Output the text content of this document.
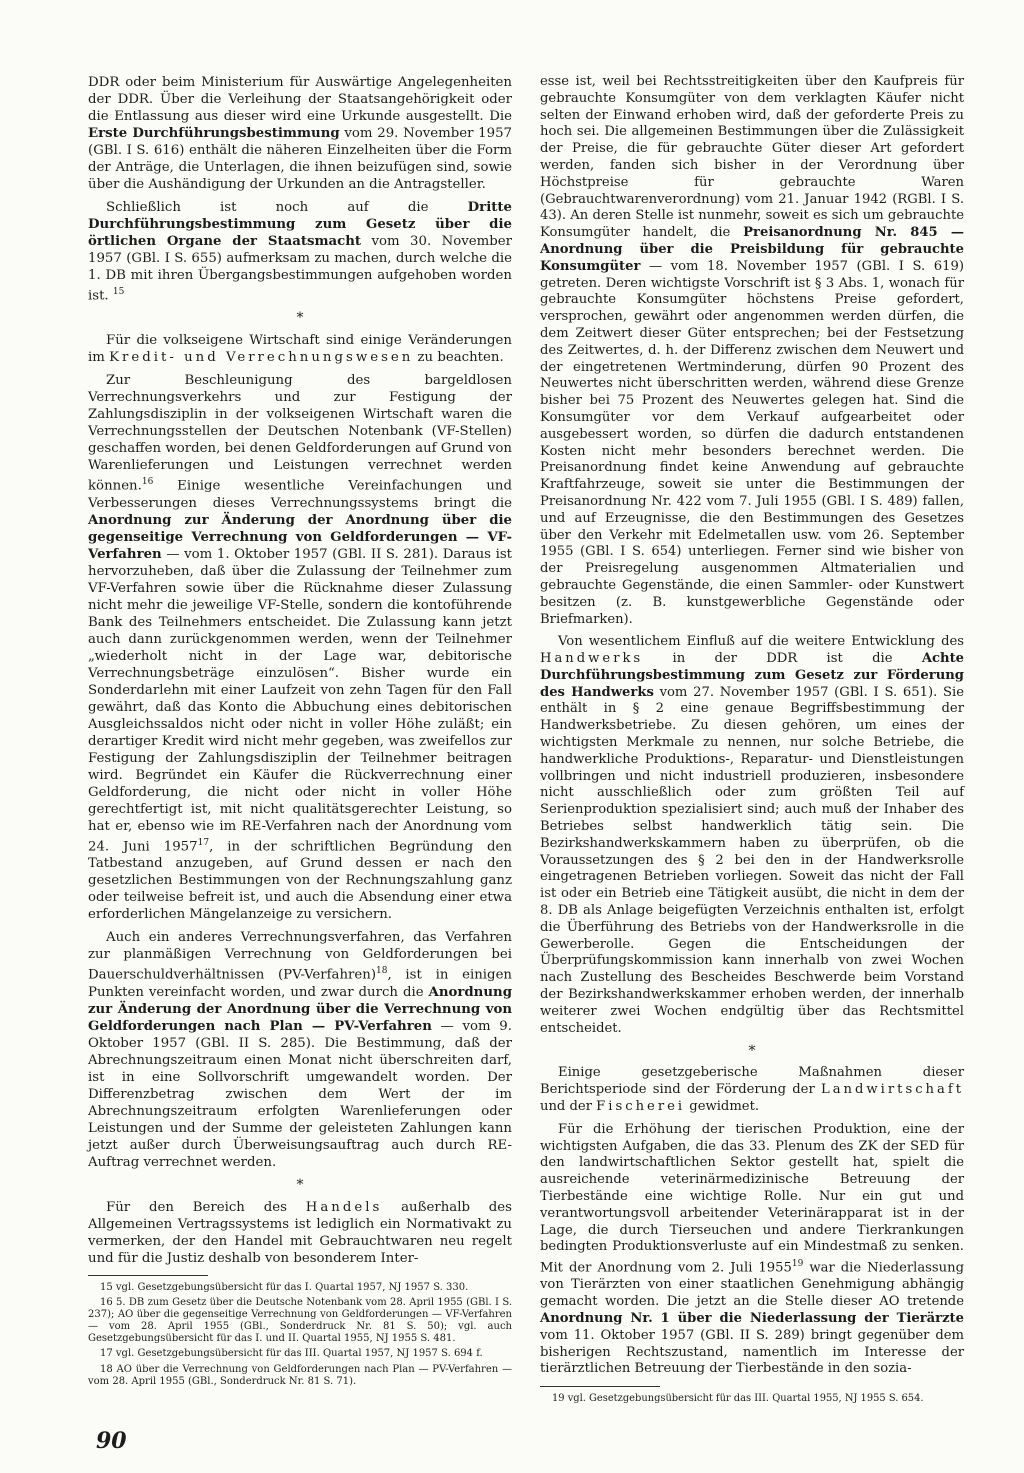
DDR oder beim Ministerium für Auswärtige Angelegenheiten der DDR. Über die Verleihung der Staatsangehörigkeit oder die Entlassung aus dieser wird eine Urkunde ausgestellt. Die Erste Durchführungsbestimmung vom 29. November 1957 (GBl. I S. 616) enthält die näheren Einzelheiten über die Form der Anträge, die Unterlagen, die ihnen beizufügen sind, sowie über die Aushändigung der Urkunden an die Antragsteller.

Schließlich ist noch auf die Dritte Durchführungsbestimmung zum Gesetz über die örtlichen Organe der Staatsmacht vom 30. November 1957 (GBl. I S. 655) aufmerksam zu machen, durch welche die 1. DB mit ihren Übergangsbestimmungen aufgehoben worden ist. $^{15}$

*

Für die volkseigene Wirtschaft sind einige Veränderungen im Kredit- und Verrechnungswesen zu beachten.

Zur Beschleunigung des bargeldlosen Verrechnungsverkehrs und zur Festigung der Zahlungsdisziplin in der volkseigenen Wirtschaft waren die Verrechnungsstellen der Deutschen Notenbank (VF-Stellen) geschaffen worden, bei denen Geldforderungen auf Grund von Warenlieferungen und Leistungen verrechnet werden können.$^{16}$ Einige wesentliche Vereinfachungen und Verbesserungen dieses Verrechnungssystems bringt die Anordnung zur Änderung der Anordnung über die gegenseitige Verrechnung von Geldforderungen — VF-Verfahren — vom 1. Oktober 1957 (GBl. II S. 281). Daraus ist hervorzuheben, daß über die Zulassung der Teilnehmer zum VF-Verfahren sowie über die Rücknahme dieser Zulassung nicht mehr die jeweilige VF-Stelle, sondern die kontoführende Bank des Teilnehmers entscheidet. Die Zulassung kann jetzt auch dann zurückgenommen werden, wenn der Teilnehmer „wiederholt nicht in der Lage war, debitorische Verrechnungsbeträge einzulösen“. Bisher wurde ein Sonderdarlehn mit einer Laufzeit von zehn Tagen für den Fall gewährt, daß das Konto die Abbuchung eines debitorischen Ausgleichssaldos nicht oder nicht in voller Höhe zuläßt; ein derartiger Kredit wird nicht mehr gegeben, was zweifellos zur Festigung der Zahlungsdisziplin der Teilnehmer beitragen wird. Begründet ein Käufer die Rückverrechnung einer Geldforderung, die nicht oder nicht in voller Höhe gerechtfertigt ist, mit nicht qualitätsgerechter Leistung, so hat er, ebenso wie im RE-Verfahren nach der Anordnung vom 24. Juni 1957$^{17}$, in der schriftlichen Begründung den Tatbestand anzugeben, auf Grund dessen er nach den gesetzlichen Bestimmungen von der Rechnungszahlung ganz oder teilweise befreit ist, und auch die Absendung einer etwa erforderlichen Mängelanzeige zu versichern.

Auch ein anderes Verrechnungsverfahren, das Verfahren zur planmäßigen Verrechnung von Geldforderungen bei Dauerschuldverhältnissen (PV-Verfahren)$^{18}$, ist in einigen Punkten vereinfacht worden, und zwar durch die Anordnung zur Änderung der Anordnung über die Verrechnung von Geldforderungen nach Plan — PV-Verfahren — vom 9. Oktober 1957 (GBl. II S. 285). Die Bestimmung, daß der Abrechnungszeitraum einen Monat nicht überschreiten darf, ist in eine Sollvorschrift umgewandelt worden. Der Differenzbetrag zwischen dem Wert der im Abrechnungszeitraum erfolgten Warenlieferungen oder Leistungen und der Summe der geleisteten Zahlungen kann jetzt außer durch Überweisungsauftrag auch durch RE-Auftrag verrechnet werden.

*

Für den Bereich des Handels außerhalb des Allgemeinen Vertragssystems ist lediglich ein Normativakt zu vermerken, der den Handel mit Gebrauchtwaren neu regelt und für die Justiz deshalb von besonderem Inter-

15 vgl. Gesetzgebungsübersicht für das I. Quartal 1957, NJ 1957 S. 330.

16 5. DB zum Gesetz über die Deutsche Notenbank vom 28. April 1955 (GBl. I S. 237); AO über die gegenseitige Verrechnung von Geldforderungen — VF-Verfahren — vom 28. April 1955 (GBl., Sonderdruck Nr. 81 S. 50); vgl. auch Gesetzgebungsübersicht für das I. und II. Quartal 1955, NJ 1955 S. 481.

17 vgl. Gesetzgebungsübersicht für das III. Quartal 1957, NJ 1957 S. 694 f.

18 AO über die Verrechnung von Geldforderungen nach Plan — PV-Verfahren — vom 28. April 1955 (GBl., Sonderdruck Nr. 81 S. 71).

esse ist, weil bei Rechtsstreitigkeiten über den Kaufpreis für gebrauchte Konsumgüter von dem verklagten Käufer nicht selten der Einwand erhoben wird, daß der geforderte Preis zu hoch sei. Die allgemeinen Bestimmungen über die Zulässigkeit der Preise, die für gebrauchte Güter dieser Art gefordert werden, fanden sich bisher in der Verordnung über Höchstpreise für gebrauchte Waren (Gebrauchtwarenverordnung) vom 21. Januar 1942 (RGBl. I S. 43). An deren Stelle ist nunmehr, soweit es sich um gebrauchte Konsumgüter handelt, die Preisanordnung Nr. 845 — Anordnung über die Preisbildung für gebrauchte Konsumgüter — vom 18. November 1957 (GBl. I S. 619) getreten. Deren wichtigste Vorschrift ist § 3 Abs. 1, wonach für gebrauchte Konsumgüter höchstens Preise gefordert, versprochen, gewährt oder angenommen werden dürfen, die dem Zeitwert dieser Güter entsprechen; bei der Festsetzung des Zeitwertes, d. h. der Differenz zwischen dem Neuwert und der eingetretenen Wertminderung, dürfen 90 Prozent des Neuwertes nicht überschritten werden, während diese Grenze bisher bei 75 Prozent des Neuwertes gelegen hat. Sind die Konsumgüter vor dem Verkauf aufgearbeitet oder ausgebessert worden, so dürfen die dadurch entstandenen Kosten nicht mehr besonders berechnet werden. Die Preisanordnung findet keine Anwendung auf gebrauchte Kraftfahrzeuge, soweit sie unter die Bestimmungen der Preisanordnung Nr. 422 vom 7. Juli 1955 (GBl. I S. 489) fallen, und auf Erzeugnisse, die den Bestimmungen des Gesetzes über den Verkehr mit Edelmetallen usw. vom 26. September 1955 (GBl. I S. 654) unterliegen. Ferner sind wie bisher von der Preisregelung ausgenommen Altmaterialien und gebrauchte Gegenstände, die einen Sammler- oder Kunstwert besitzen (z. B. kunstgewerbliche Gegenstände oder Briefmarken).

Von wesentlichem Einfluß auf die weitere Entwicklung des Handwerks in der DDR ist die Achte Durchführungsbestimmung zum Gesetz zur Förderung des Handwerks vom 27. November 1957 (GBl. I S. 651). Sie enthält in § 2 eine genaue Begriffsbestimmung der Handwerksbetriebe. Zu diesen gehören, um eines der wichtigsten Merkmale zu nennen, nur solche Betriebe, die handwerkliche Produktions-, Reparatur- und Dienstleistungen vollbringen und nicht industriell produzieren, insbesondere nicht ausschließlich oder zum größten Teil auf Serienproduktion spezialisiert sind; auch muß der Inhaber des Betriebes selbst handwerklich tätig sein. Die Bezirkshandwerkskammern haben zu überprüfen, ob die Voraussetzungen des § 2 bei den in der Handwerksrolle eingetragenen Betrieben vorliegen. Soweit das nicht der Fall ist oder ein Betrieb eine Tätigkeit ausübt, die nicht in dem der 8. DB als Anlage beigefügten Verzeichnis enthalten ist, erfolgt die Überführung des Betriebs von der Handwerksrolle in die Gewerberolle. Gegen die Entscheidungen der Überprüfungskommission kann innerhalb von zwei Wochen nach Zustellung des Bescheides Beschwerde beim Vorstand der Bezirkshandwerkskammer erhoben werden, der innerhalb weiterer zwei Wochen endgültig über das Rechtsmittel entscheidet.

*

Einige gesetzgeberische Maßnahmen dieser Berichtsperiode sind der Förderung der Landwirtschaft und der Fischerei gewidmet.

Für die Erhöhung der tierischen Produktion, eine der wichtigsten Aufgaben, die das 33. Plenum des ZK der SED für den landwirtschaftlichen Sektor gestellt hat, spielt die ausreichende veterinärmedizinische Betreuung der Tierbestände eine wichtige Rolle. Nur ein gut und verantwortungsvoll arbeitender Veterinärapparat ist in der Lage, die durch Tierseuchen und andere Tierkrankungen bedingten Produktionsverluste auf ein Mindestmaß zu senken. Mit der Anordnung vom 2. Juli 1955$^{19}$ war die Niederlassung von Tierärzten von einer staatlichen Genehmigung abhängig gemacht worden. Die jetzt an die Stelle dieser AO tretende Anordnung Nr. 1 über die Niederlassung der Tierärzte vom 11. Oktober 1957 (GBl. II S. 289) bringt gegenüber dem bisherigen Rechtszustand, namentlich im Interesse der tierärztlichen Betreuung der Tierbestände in den sozia-

19 vgl. Gesetzgebungsübersicht für das III. Quartal 1955, NJ 1955 S. 654.

90
